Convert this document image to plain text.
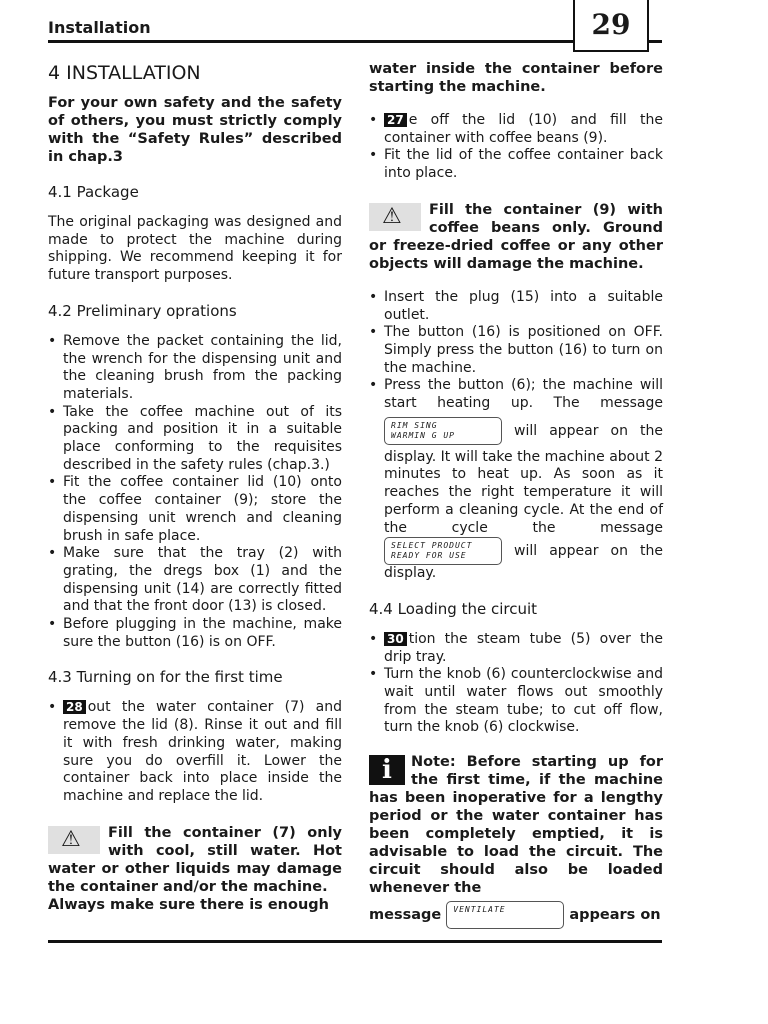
Installation	29
4 INSTALLATION

For your own safety and the safety of others, you must strictly comply with the “Safety Rules” described in chap.3

4.1 Package

The original packaging was designed and made to protect the machine during shipping. We recommend keeping it for future transport purposes.

4.2 Preliminary oprations
• Remove the packet containing the lid, the wrench for the dispensing unit and the cleaning brush from the packing materials.
• Take the coffee machine out of its packing and position it in a suitable place conforming to the requisites described in the safety rules (chap.3.)
• Fit the coffee container lid (10) onto the coffee container (9); store the dispensing unit wrench and cleaning brush in safe place.
• Make sure that the tray (2) with grating, the dregs box (1) and the dispensing unit (14) are correctly fitted and that the front door (13) is closed.
• Before plugging in the machine, make sure the button (16) is on OFF.
4.3 Turning on for the first time
• 28 out the water container (7) and remove the lid (8). Rinse it out and fill it with fresh drinking water, making sure you do overfill it. Lower the container back into place inside the machine and replace the lid.
⚠	Fill the container (7) only with cool, still water. Hot water or other liquids may damage the container and/or the machine.
Always make sure there is enough

water inside the container before starting the machine.

• 27 e off the lid (10) and fill the container with coffee beans (9).
• Fit the lid of the coffee container back into place.
⚠	Fill the container (9) with coffee beans only. Ground or freeze-dried coffee or any other objects will damage the machine.
• Insert the plug (15) into a suitable outlet.
• The button (16) is positioned on OFF. Simply press the button (16) to turn on the machine.
• Press the button (6); the machine will start heating up. The message RIM SING
WARMIN G UP	will appear on the display. It will take the machine about 2 minutes to heat up. As soon as it reaches the right temperature it will perform a cleaning cycle. At the end of the cycle the message SELECT PRODUCT
READY FOR USE	will appear on the display.
4.4 Loading the circuit
• 30 tion the steam tube (5) over the drip tray.
• Turn the knob (6) counterclockwise and wait until water flows out smoothly from the steam tube; to cut off flow, turn the knob (6) clockwise.
i	Note: Before starting up for the first time, if the machine has been inoperative for a lengthy period or the water container has been completely emptied, it is advisable to load the circuit. The circuit should also be loaded whenever the
message VENTILATE	appears on
